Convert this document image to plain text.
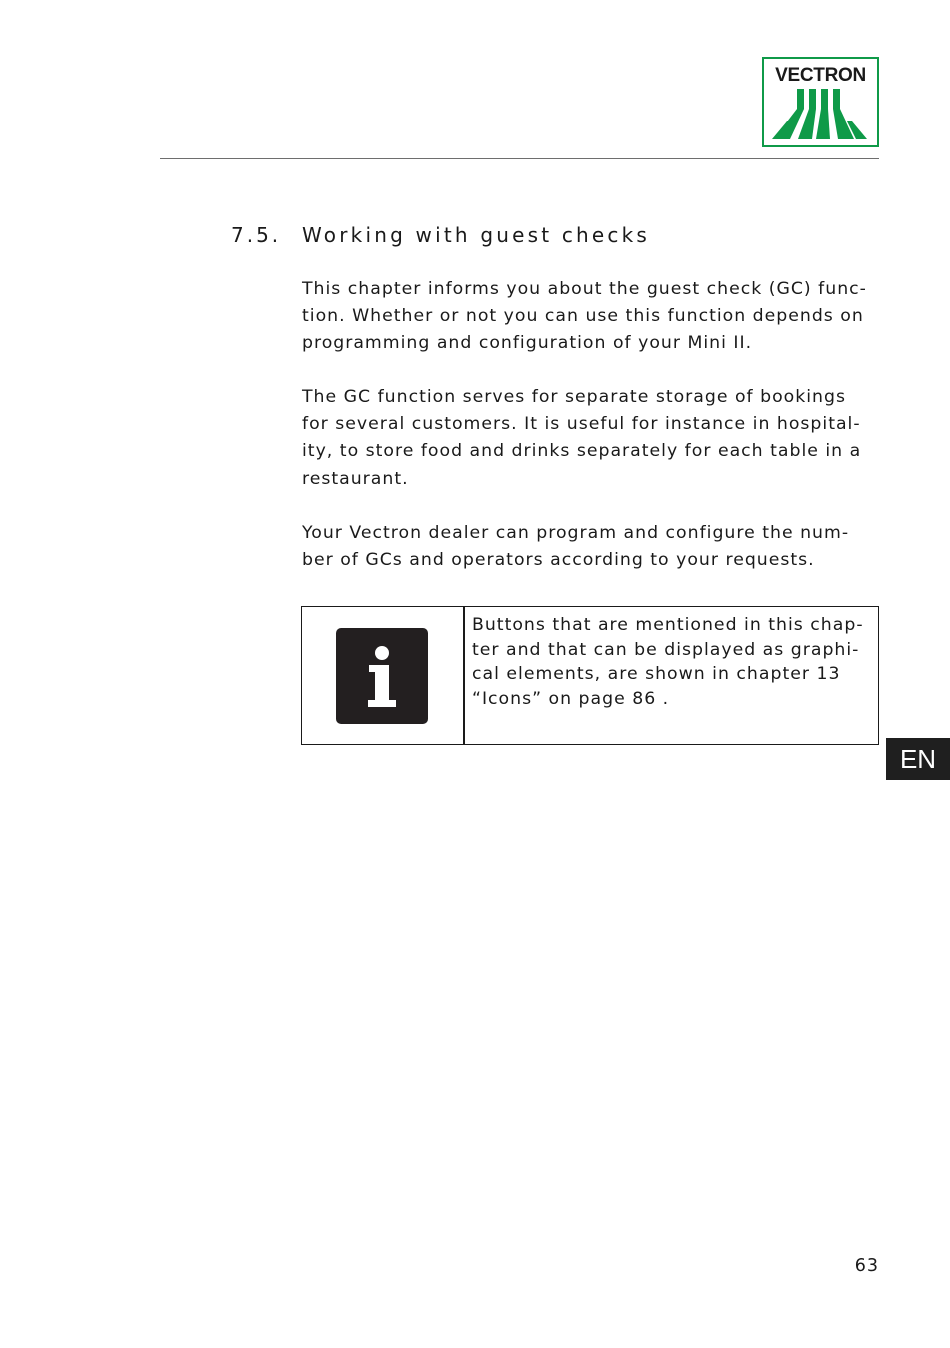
VECTRON
7.5. Working with guest checks

This chapter informs you about the guest check (GC) func-
tion. Whether or not you can use this function depends on
programming and configuration of your Mini II.

The GC function serves for separate storage of bookings
for several customers. It is useful for instance in hospital-
ity, to store food and drinks separately for each table in a
restaurant.

Your Vectron dealer can program and configure the num-
ber of GCs and operators according to your requests.

Buttons that are mentioned in this chap-
ter and that can be displayed as graphi-
cal elements, are shown in chapter 13
“Icons” on page 86 .

EN
63
